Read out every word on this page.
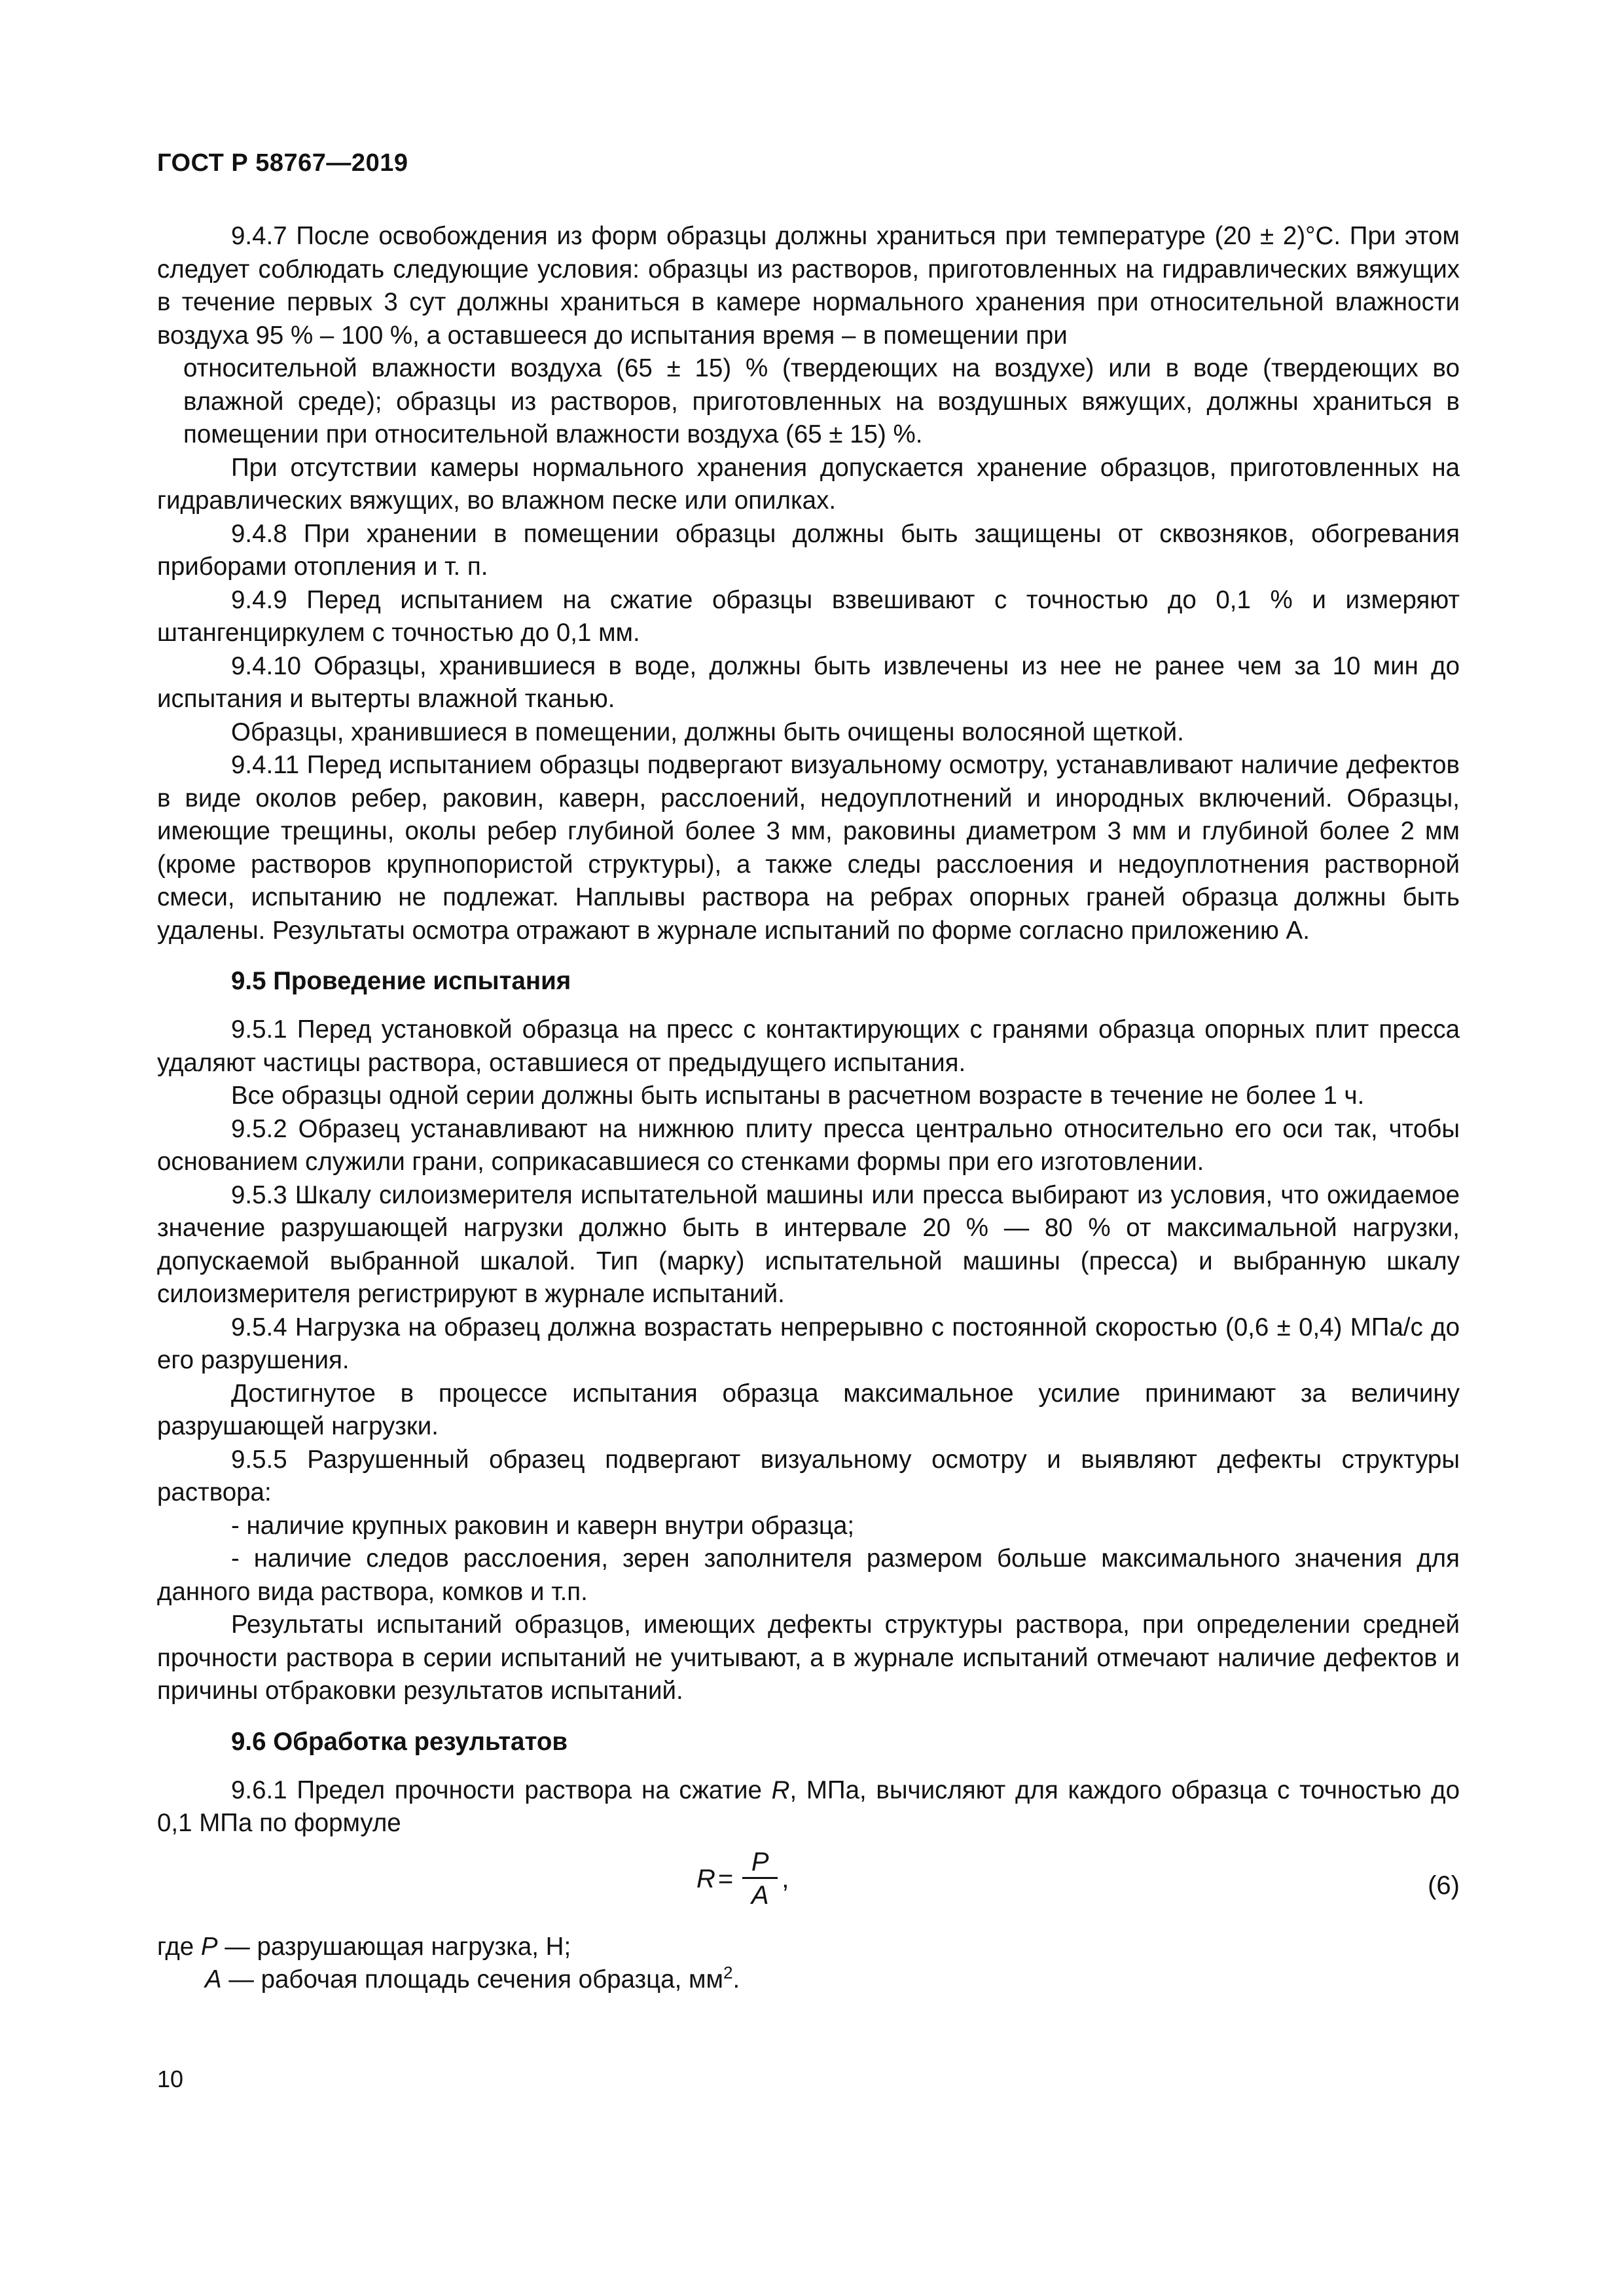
ГОСТ Р 58767—2019

9.4.7 После освобождения из форм образцы должны храниться при температуре (20 ± 2)°С. При этом следует соблюдать следующие условия: образцы из растворов, приготовленных на гидравлических вяжущих в течение первых 3 сут должны храниться в камере нормального хранения при относительной влажности воздуха 95 % – 100 %, а оставшееся до испытания время – в помещении при

относительной влажности воздуха (65 ± 15) % (твердеющих на воздухе) или в воде (твердеющих во влажной среде); образцы из растворов, приготовленных на воздушных вяжущих, должны храниться в помещении при относительной влажности воздуха (65 ± 15) %.

При отсутствии камеры нормального хранения допускается хранение образцов, приготовленных на гидравлических вяжущих, во влажном песке или опилках.

9.4.8 При хранении в помещении образцы должны быть защищены от сквозняков, обогревания приборами отопления и т. п.

9.4.9 Перед испытанием на сжатие образцы взвешивают с точностью до 0,1 % и измеряют штангенциркулем с точностью до 0,1 мм.

9.4.10 Образцы, хранившиеся в воде, должны быть извлечены из нее не ранее чем за 10 мин до испытания и вытерты влажной тканью.

Образцы, хранившиеся в помещении, должны быть очищены волосяной щеткой.

9.4.11 Перед испытанием образцы подвергают визуальному осмотру, устанавливают наличие дефектов в виде околов ребер, раковин, каверн, расслоений, недоуплотнений и инородных включений. Образцы, имеющие трещины, околы ребер глубиной более 3 мм, раковины диаметром 3 мм и глубиной более 2 мм (кроме растворов крупнопористой структуры), а также следы расслоения и недоуплотнения растворной смеси, испытанию не подлежат. Наплывы раствора на ребрах опорных граней образца должны быть удалены. Результаты осмотра отражают в журнале испытаний по форме согласно приложению А.

9.5 Проведение испытания

9.5.1 Перед установкой образца на пресс с контактирующих с гранями образца опорных плит пресса удаляют частицы раствора, оставшиеся от предыдущего испытания.

Все образцы одной серии должны быть испытаны в расчетном возрасте в течение не более 1 ч.

9.5.2 Образец устанавливают на нижнюю плиту пресса центрально относительно его оси так, чтобы основанием служили грани, соприкасавшиеся со стенками формы при его изготовлении.

9.5.3 Шкалу силоизмерителя испытательной машины или пресса выбирают из условия, что ожидаемое значение разрушающей нагрузки должно быть в интервале 20 % — 80 % от максимальной нагрузки, допускаемой выбранной шкалой. Тип (марку) испытательной машины (пресса) и выбранную шкалу силоизмерителя регистрируют в журнале испытаний.

9.5.4 Нагрузка на образец должна возрастать непрерывно с постоянной скоростью (0,6 ± 0,4) МПа/с до его разрушения.

Достигнутое в процессе испытания образца максимальное усилие принимают за величину разрушающей нагрузки.

9.5.5 Разрушенный образец подвергают визуальному осмотру и выявляют дефекты структуры раствора:

- наличие крупных раковин и каверн внутри образца;

- наличие следов расслоения, зерен заполнителя размером больше максимального значения для данного вида раствора, комков и т.п.

Результаты испытаний образцов, имеющих дефекты структуры раствора, при определении средней прочности раствора в серии испытаний не учитывают, а в журнале испытаний отмечают наличие дефектов и причины отбраковки результатов испытаний.

9.6 Обработка результатов

9.6.1 Предел прочности раствора на сжатие R, МПа, вычисляют для каждого образца с точностью до 0,1 МПа по формуле

$R = \frac{P}{A}$ ,	(6)

где P — разрушающая нагрузка, Н;

A — рабочая площадь сечения образца, $мм^2$.

10
